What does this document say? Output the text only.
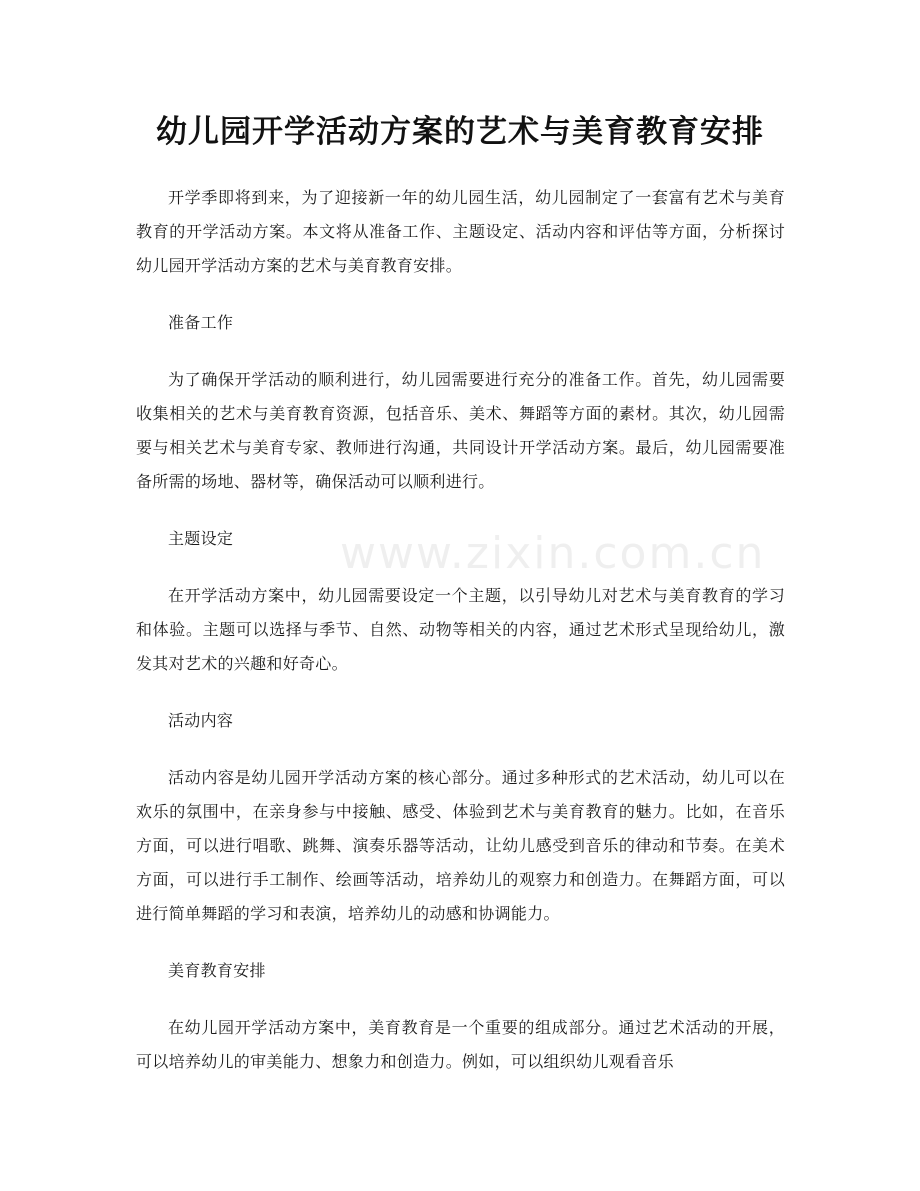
幼儿园开学活动方案的艺术与美育教育安排
www.zixin.com.cn

开学季即将到来，为了迎接新一年的幼儿园生活，幼儿园制定了一套富有艺术与美育教育的开学活动方案。本文将从准备工作、主题设定、活动内容和评估等方面，分析探讨幼儿园开学活动方案的艺术与美育教育安排。

准备工作

为了确保开学活动的顺利进行，幼儿园需要进行充分的准备工作。首先，幼儿园需要收集相关的艺术与美育教育资源，包括音乐、美术、舞蹈等方面的素材。其次，幼儿园需要与相关艺术与美育专家、教师进行沟通，共同设计开学活动方案。最后，幼儿园需要准备所需的场地、器材等，确保活动可以顺利进行。

主题设定

在开学活动方案中，幼儿园需要设定一个主题，以引导幼儿对艺术与美育教育的学习和体验。主题可以选择与季节、自然、动物等相关的内容，通过艺术形式呈现给幼儿，激发其对艺术的兴趣和好奇心。

活动内容

活动内容是幼儿园开学活动方案的核心部分。通过多种形式的艺术活动，幼儿可以在欢乐的氛围中，在亲身参与中接触、感受、体验到艺术与美育教育的魅力。比如，在音乐方面，可以进行唱歌、跳舞、演奏乐器等活动，让幼儿感受到音乐的律动和节奏。在美术方面，可以进行手工制作、绘画等活动，培养幼儿的观察力和创造力。在舞蹈方面，可以进行简单舞蹈的学习和表演，培养幼儿的动感和协调能力。

美育教育安排

在幼儿园开学活动方案中，美育教育是一个重要的组成部分。通过艺术活动的开展，可以培养幼儿的审美能力、想象力和创造力。例如，可以组织幼儿观看音乐
